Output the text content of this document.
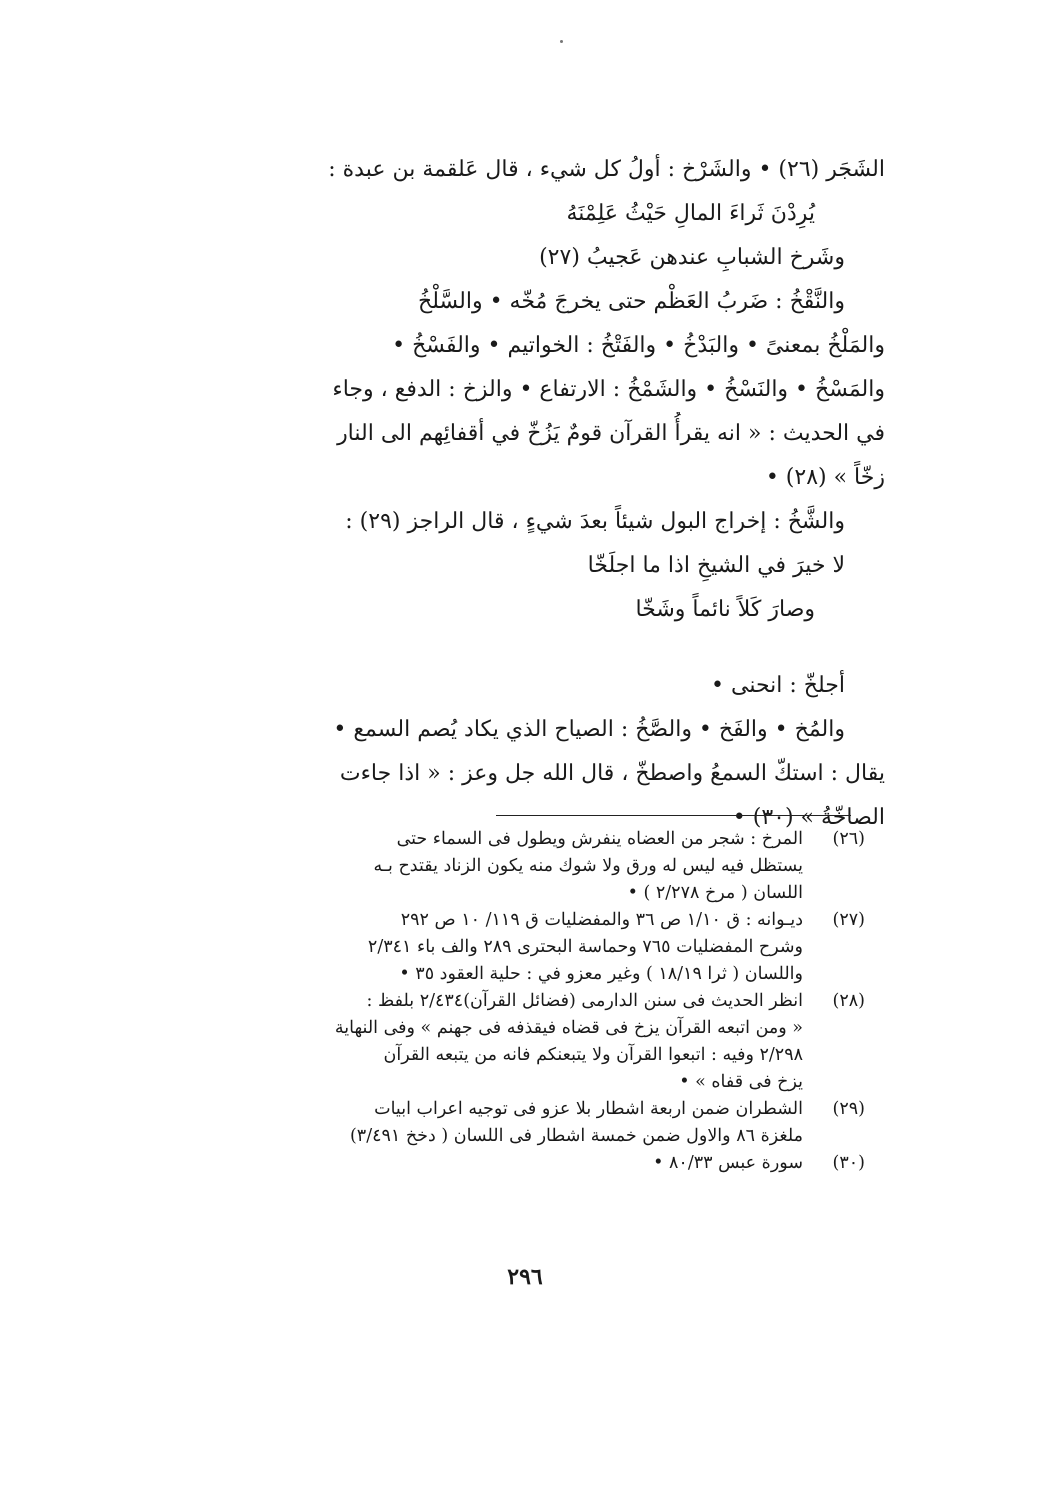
الشَجَر (٢٦) • والشَرْخ : أولُ كل شيء ، قال عَلقمة بن عبدة :
يُرِدْنَ ثَراءَ المالِ حَيْثُ عَلِمْنَهُ
وشَرخ الشبابِ عندهن عَجيبُ (٢٧)
والنَّقْخُ : ضَربُ العَظْم حتى يخرجَ مُخّه • والسَّلْخُ
والمَلْخُ بمعنىً • والبَدْخُ • والفَتْخُ : الخواتيم • والفَسْخُ •
والمَسْخُ • والنَسْخُ • والشَمْخُ : الارتفاع • والزخ : الدفع ، وجاء
في الحديث : « انه يقرأُ القرآن قومٌ يَزُخّ في أقفائِهم الى النار
زخّاً » (٢٨) •
والشَّخُ : إخراج البول شيئاً بعدَ شيءٍ ، قال الراجز (٢٩) :
لا خيرَ في الشيخِ اذا ما اجلَخّا
وصارَ كَلاً نائماً وشَخّا
أجلخّ : انحنى •
والمُخ • والفَخ • والصَّخُ : الصياح الذي يكاد يُصم السمع •
يقال : استكّ السمعُ واصطخّ ، قال الله جل وعز : « اذا جاءت
الصاخّةُ » (٣٠) •
(٢٦)
المرخ : شجر من العضاه ينفرش ويطول فى السماء حتى
يستظل فيه ليس له ورق ولا شوك منه يكون الزناد يقتدح بـه
اللسان ( مرخ ٢/٢٧٨ ) •
(٢٧)
ديـوانه : ق ١/١٠ ص ٣٦ والمفضليات ق ١١٩/ ١٠ ص ٢٩٢
وشرح المفضليات ٧٦٥ وحماسة البحترى ٢٨٩ والف باء ٢/٣٤١
واللسان ( ثرا ١٨/١٩ ) وغير معزو في : حلية العقود ٣٥ •
(٢٨)
انظر الحديث فى سنن الدارمى (فضائل القرآن)٢/٤٣٤ بلفظ :
« ومن اتبعه القرآن يزخ فى قضاه فيقذفه فى جهنم » وفى النهاية
٢/٢٩٨ وفيه : اتبعوا القرآن ولا يتبعنكم فانه من يتبعه القرآن
يزخ فى قفاه » •
(٢٩)
الشطران ضمن اربعة اشطار بلا عزو فى توجيه اعراب ابيات
ملغزة ٨٦ والاول ضمن خمسة اشطار فى اللسان ( دخخ ٣/٤٩١)
(٣٠)
سورة عبس ٨٠/٣٣ •
٢٩٦
